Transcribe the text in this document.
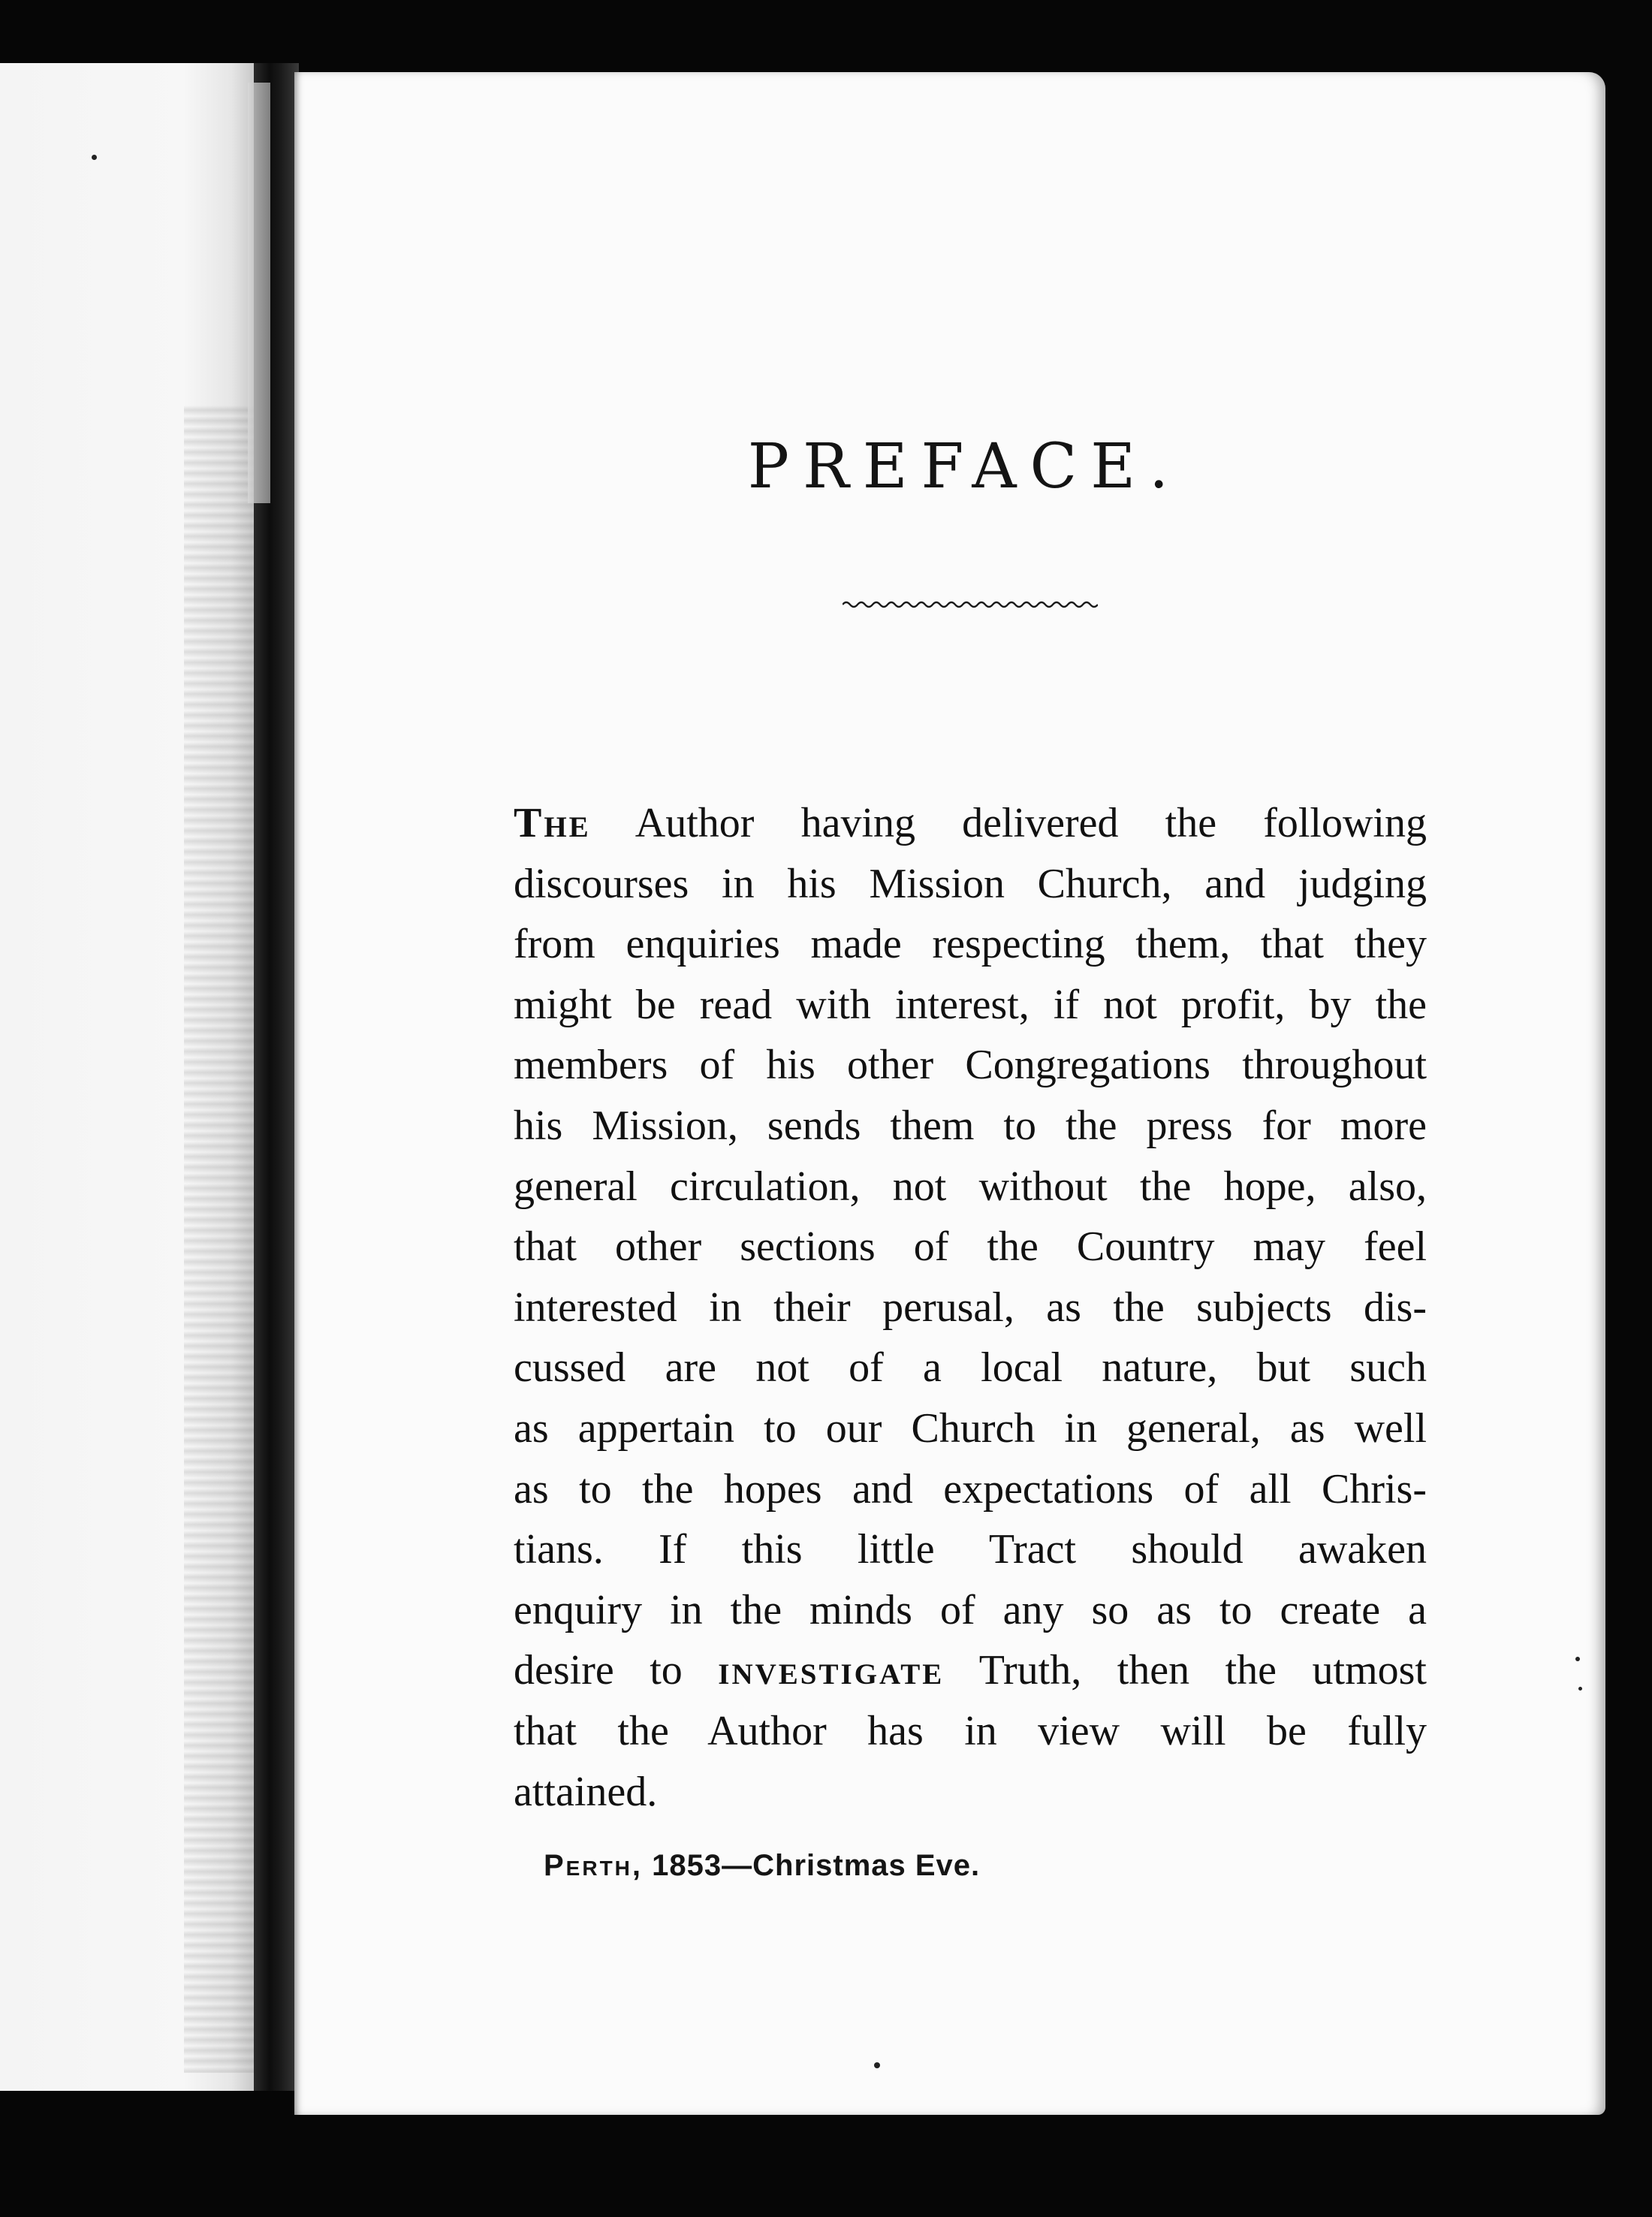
PREFACE.
The Author having delivered the following
discourses in his Mission Church, and judging
from enquiries made respecting them, that they
might be read with interest, if not profit, by the
members of his other Congregations throughout
his Mission, sends them to the press for more
general circulation, not without the hope, also,
that other sections of the Country may feel
interested in their perusal, as the subjects dis-
cussed are not of a local nature, but such
as appertain to our Church in general, as well
as to the hopes and expectations of all Chris-
tians. If this little Tract should awaken
enquiry in the minds of any so as to create a
desire to investigate Truth, then the utmost
that the Author has in view will be fully
attained.
Perth, 1853—Christmas Eve.
